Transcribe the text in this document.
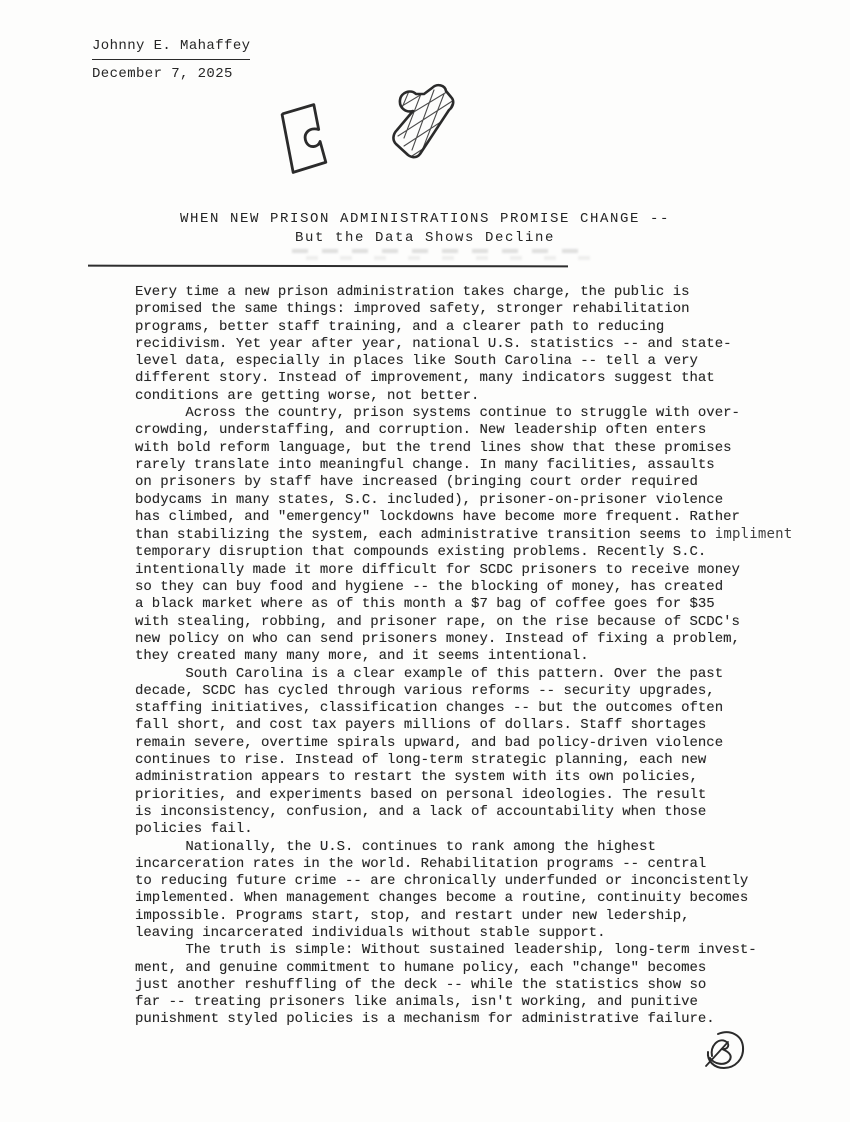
Johnny E. Mahaffey
December 7, 2025
WHEN NEW PRISON ADMINISTRATIONS PROMISE CHANGE --
But the Data Shows Decline
Every time a new prison administration takes charge, the public is
promised the same things: improved safety, stronger rehabilitation
programs, better staff training, and a clearer path to reducing
recidivism. Yet year after year, national U.S. statistics -- and state-
level data, especially in places like South Carolina -- tell a very
different story. Instead of improvement, many indicators suggest that
conditions are getting worse, not better.
Across the country, prison systems continue to struggle with over-
crowding, understaffing, and corruption. New leadership often enters
with bold reform language, but the trend lines show that these promises
rarely translate into meaningful change. In many facilities, assaults
on prisoners by staff have increased (bringing court order required
bodycams in many states, S.C. included), prisoner-on-prisoner violence
has climbed, and "emergency" lockdowns have become more frequent. Rather
than stabilizing the system, each administrative transition seems to impliment
temporary disruption that compounds existing problems. Recently S.C.
intentionally made it more difficult for SCDC prisoners to receive money
so they can buy food and hygiene -- the blocking of money, has created
a black market where as of this month a $7 bag of coffee goes for $35
with stealing, robbing, and prisoner rape, on the rise because of SCDC's
new policy on who can send prisoners money. Instead of fixing a problem,
they created many many more, and it seems intentional.
South Carolina is a clear example of this pattern. Over the past
decade, SCDC has cycled through various reforms -- security upgrades,
staffing initiatives, classification changes -- but the outcomes often
fall short, and cost tax payers millions of dollars. Staff shortages
remain severe, overtime spirals upward, and bad policy-driven violence
continues to rise. Instead of long-term strategic planning, each new
administration appears to restart the system with its own policies,
priorities, and experiments based on personal ideologies. The result
is inconsistency, confusion, and a lack of accountability when those
policies fail.
Nationally, the U.S. continues to rank among the highest
incarceration rates in the world. Rehabilitation programs -- central
to reducing future crime -- are chronically underfunded or inconcistently
implemented. When management changes become a routine, continuity becomes
impossible. Programs start, stop, and restart under new ledership,
leaving incarcerated individuals without stable support.
The truth is simple: Without sustained leadership, long-term invest-
ment, and genuine commitment to humane policy, each "change" becomes
just another reshuffling of the deck -- while the statistics show so
far -- treating prisoners like animals, isn't working, and punitive
punishment styled policies is a mechanism for administrative failure.
